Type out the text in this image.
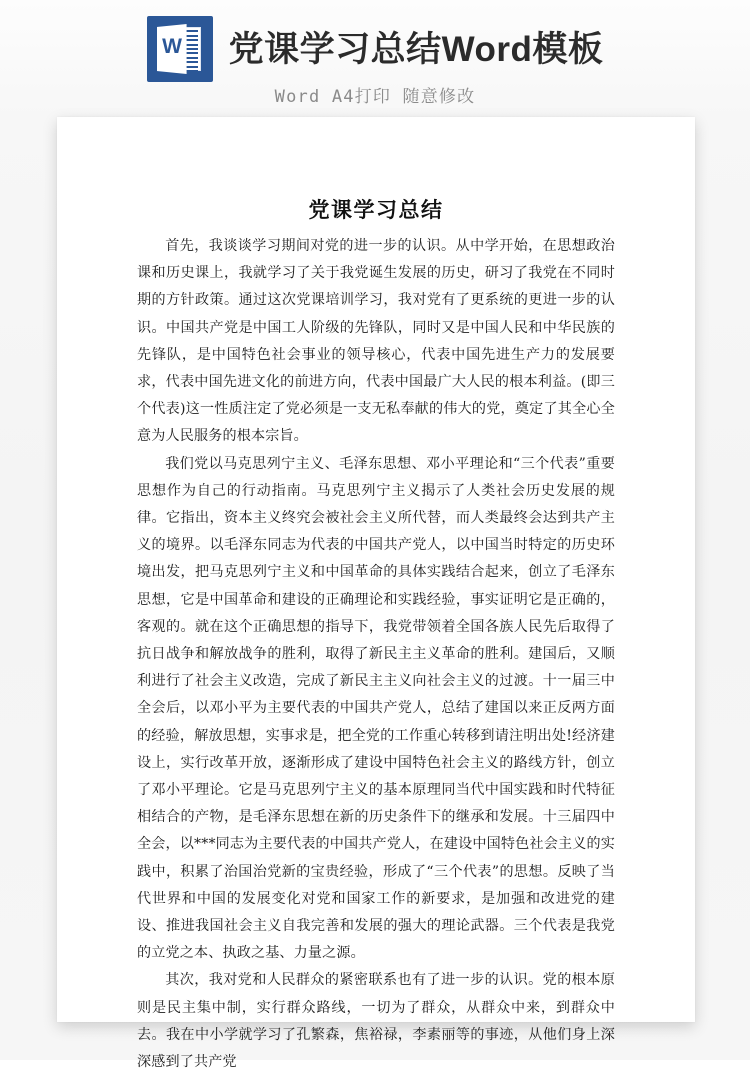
W 党课学习总结Word模板
Word A4打印 随意修改
党课学习总结

首先，我谈谈学习期间对党的进一步的认识。从中学开始，在思想政治课和历史课上，我就学习了关于我党诞生发展的历史，研习了我党在不同时期的方针政策。通过这次党课培训学习，我对党有了更系统的更进一步的认识。中国共产党是中国工人阶级的先锋队，同时又是中国人民和中华民族的先锋队，是中国特色社会事业的领导核心，代表中国先进生产力的发展要求，代表中国先进文化的前进方向，代表中国最广大人民的根本利益。(即三个代表)这一性质注定了党必须是一支无私奉献的伟大的党，奠定了其全心全意为人民服务的根本宗旨。

我们党以马克思列宁主义、毛泽东思想、邓小平理论和“三个代表”重要思想作为自己的行动指南。马克思列宁主义揭示了人类社会历史发展的规律。它指出，资本主义终究会被社会主义所代替，而人类最终会达到共产主义的境界。以毛泽东同志为代表的中国共产党人，以中国当时特定的历史环境出发，把马克思列宁主义和中国革命的具体实践结合起来，创立了毛泽东思想，它是中国革命和建设的正确理论和实践经验，事实证明它是正确的，客观的。就在这个正确思想的指导下，我党带领着全国各族人民先后取得了抗日战争和解放战争的胜利，取得了新民主主义革命的胜利。建国后，又顺利进行了社会主义改造，完成了新民主主义向社会主义的过渡。十一届三中全会后，以邓小平为主要代表的中国共产党人，总结了建国以来正反两方面的经验，解放思想，实事求是，把全党的工作重心转移到请注明出处!经济建设上，实行改革开放，逐渐形成了建设中国特色社会主义的路线方针，创立了邓小平理论。它是马克思列宁主义的基本原理同当代中国实践和时代特征相结合的产物，是毛泽东思想在新的历史条件下的继承和发展。十三届四中全会，以***同志为主要代表的中国共产党人，在建设中国特色社会主义的实践中，积累了治国治党新的宝贵经验，形成了“三个代表”的思想。反映了当代世界和中国的发展变化对党和国家工作的新要求，是加强和改进党的建设、推进我国社会主义自我完善和发展的强大的理论武器。三个代表是我党的立党之本、执政之基、力量之源。

其次，我对党和人民群众的紧密联系也有了进一步的认识。党的根本原则是民主集中制，实行群众路线，一切为了群众，从群众中来，到群众中去。我在中小学就学习了孔繁森，焦裕禄，李素丽等的事迹，从他们身上深深感到了共产党
